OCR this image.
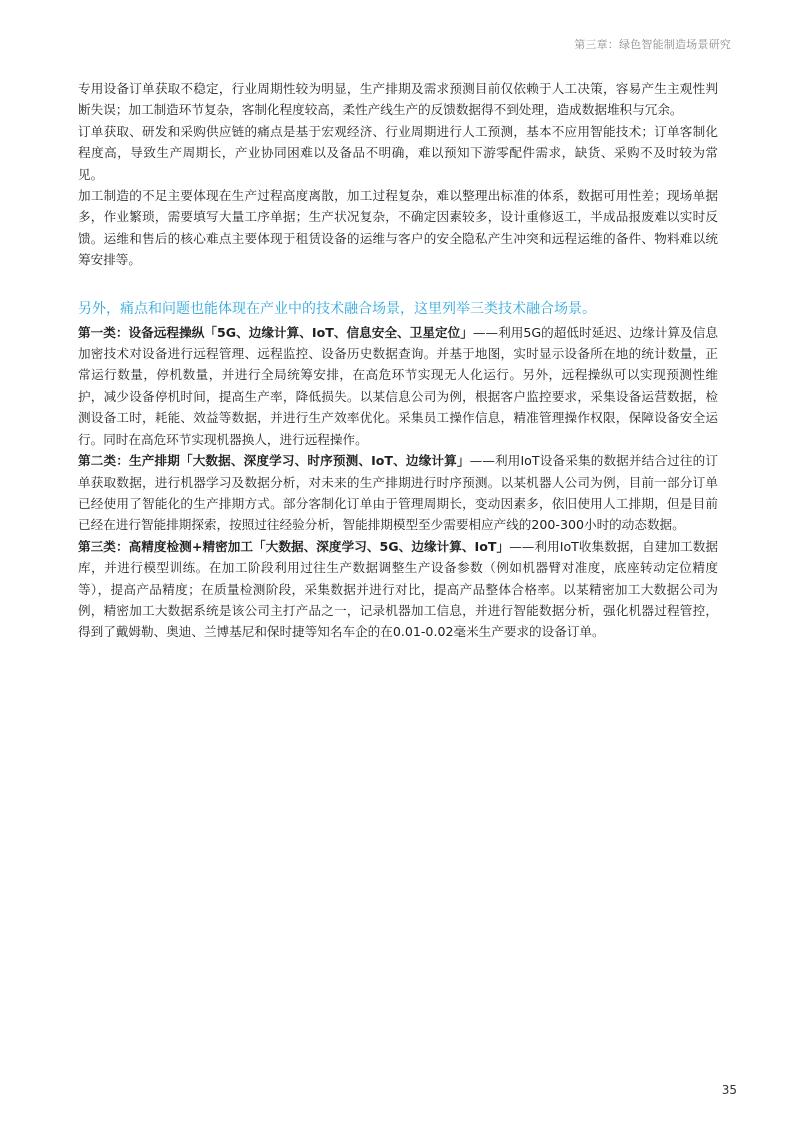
第三章：绿色智能制造场景研究

专用设备订单获取不稳定，行业周期性较为明显，生产排期及需求预测目前仅依赖于人工决策，容易产生主观性判断失误；加工制造环节复杂，客制化程度较高，柔性产线生产的反馈数据得不到处理，造成数据堆积与冗余。

订单获取、研发和采购供应链的痛点是基于宏观经济、行业周期进行人工预测，基本不应用智能技术；订单客制化程度高，导致生产周期长，产业协同困难以及备品不明确，难以预知下游零配件需求，缺货、采购不及时较为常见。

加工制造的不足主要体现在生产过程高度离散，加工过程复杂，难以整理出标准的体系，数据可用性差；现场单据多，作业繁琐，需要填写大量工序单据；生产状况复杂，不确定因素较多，设计重修返工，半成品报废难以实时反馈。运维和售后的核心难点主要体现于租赁设备的运维与客户的安全隐私产生冲突和远程运维的备件、物料难以统筹安排等。

另外，痛点和问题也能体现在产业中的技术融合场景，这里列举三类技术融合场景。

第一类：设备远程操纵「5G、边缘计算、IoT、信息安全、卫星定位」——利用5G的超低时延迟、边缘计算及信息加密技术对设备进行远程管理、远程监控、设备历史数据查询。并基于地图，实时显示设备所在地的统计数量，正常运行数量，停机数量，并进行全局统筹安排，在高危环节实现无人化运行。另外，远程操纵可以实现预测性维护，减少设备停机时间，提高生产率，降低损失。以某信息公司为例，根据客户监控要求，采集设备运营数据，检测设备工时，耗能、效益等数据，并进行生产效率优化。采集员工操作信息，精准管理操作权限，保障设备安全运行。同时在高危环节实现机器换人，进行远程操作。

第二类：生产排期「大数据、深度学习、时序预测、IoT、边缘计算」——利用IoT设备采集的数据并结合过往的订单获取数据，进行机器学习及数据分析，对未来的生产排期进行时序预测。以某机器人公司为例，目前一部分订单已经使用了智能化的生产排期方式。部分客制化订单由于管理周期长，变动因素多，依旧使用人工排期，但是目前已经在进行智能排期探索，按照过往经验分析，智能排期模型至少需要相应产线的200-300小时的动态数据。

第三类：高精度检测+精密加工「大数据、深度学习、5G、边缘计算、IoT」——利用IoT收集数据，自建加工数据库，并进行模型训练。在加工阶段利用过往生产数据调整生产设备参数（例如机器臂对准度，底座转动定位精度等），提高产品精度；在质量检测阶段，采集数据并进行对比，提高产品整体合格率。以某精密加工大数据公司为例，精密加工大数据系统是该公司主打产品之一，记录机器加工信息，并进行智能数据分析，强化机器过程管控，得到了戴姆勒、奥迪、兰博基尼和保时捷等知名车企的在0.01-0.02毫米生产要求的设备订单。

35
